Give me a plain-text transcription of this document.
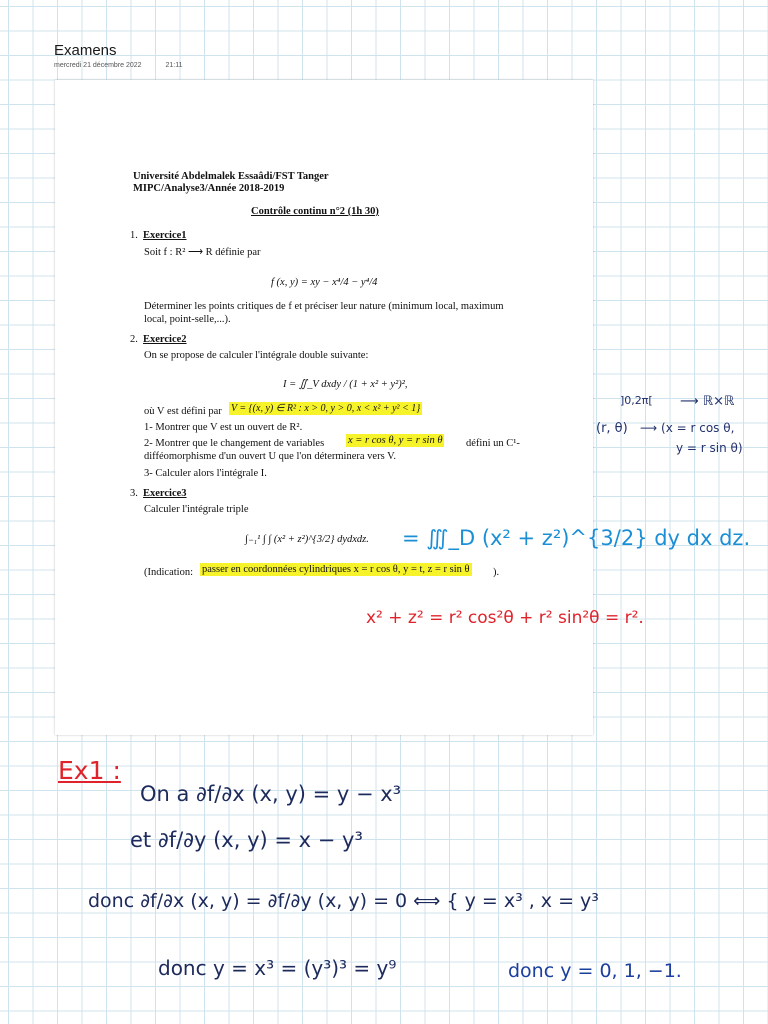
Examens
mercredi 21 décembre 2022	21:11
Université Abdelmalek Essaâdi/FST Tanger
MIPC/Analyse3/Année 2018-2019
Contrôle continu n°2 (1h 30)
1. Exercice1
Soit f : R² ⟶ R définie par
f (x, y) = xy − x⁴/4 − y⁴/4
Déterminer les points critiques de f et préciser leur nature (minimum local, maximum
local, point-selle,...).
2. Exercice2
On se propose de calculer l'intégrale double suivante:
I = ∬_V dxdy / (1 + x² + y²)²,
où V est défini par V = {(x, y) ∈ R² : x > 0, y > 0, x < x² + y² < 1}
1- Montrer que V est un ouvert de R².
2- Montrer que le changement de variables x = r cos θ, y = r sin θ défini un C¹-
difféomorphisme d'un ouvert U que l'on déterminera vers V.
3- Calculer alors l'intégrale I.
3. Exercice3
Calculer l'intégrale triple
∫₋₁¹ ∫ ∫ (x² + z²)^{3/2} dydxdz.
(Indication: passer en coordonnées cylindriques x = r cos θ, y = t, z = r sin θ ).
]0,2π[ ⟶ ℝ×ℝ
(r, θ) ⟶ (x = r cos θ,
y = r sin θ)
= ∭_D (x² + z²)^{3/2} dy dx dz.
x² + z² = r² cos²θ + r² sin²θ = r².
Ex1 :
On a ∂f/∂x (x, y) = y − x³
et ∂f/∂y (x, y) = x − y³
donc ∂f/∂x (x, y) = ∂f/∂y (x, y) = 0 ⟺ { y = x³ , x = y³
donc y = x³ = (y³)³ = y⁹	donc y = 0, 1, −1.
